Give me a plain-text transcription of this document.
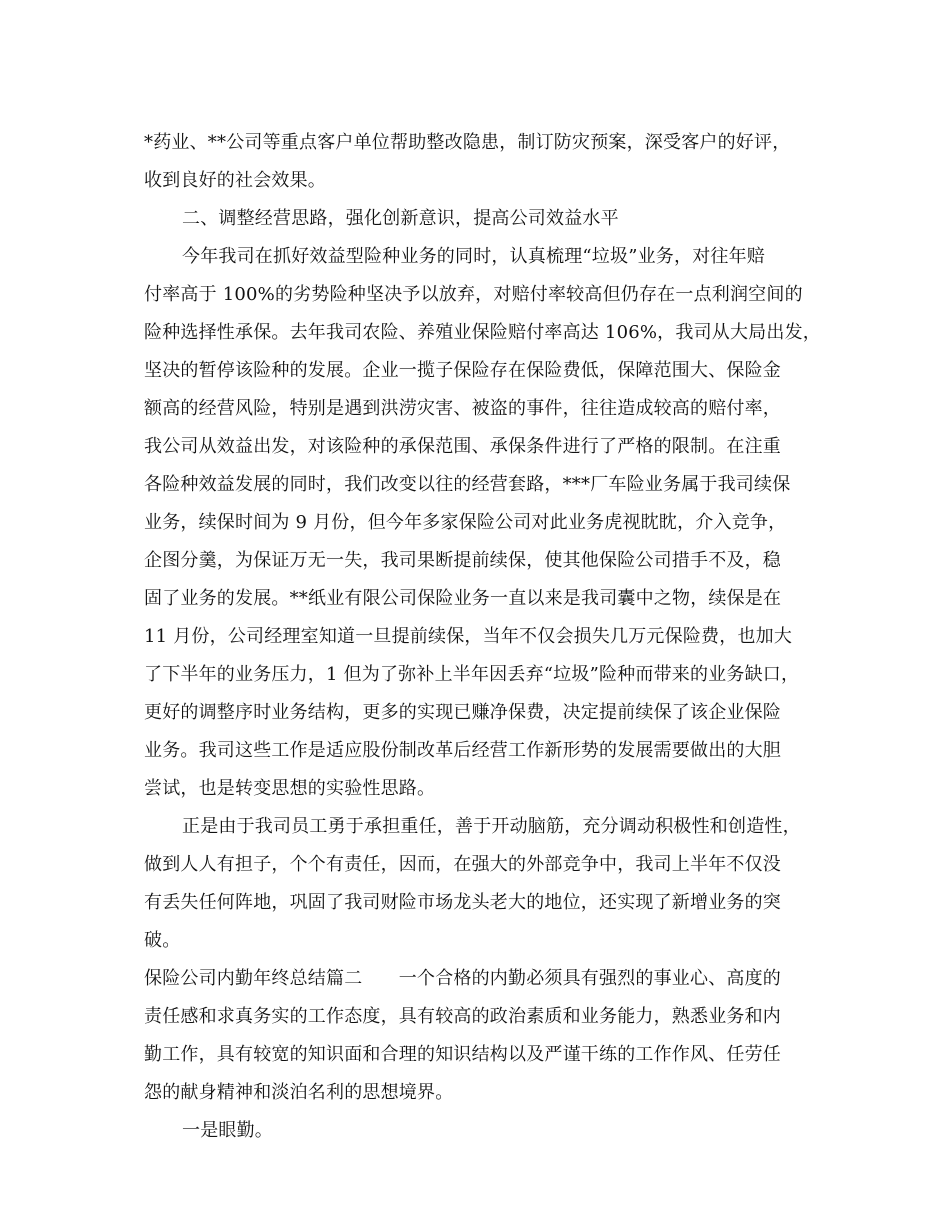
*药业、**公司等重点客户单位帮助整改隐患，制订防灾预案，深受客户的好评，

收到良好的社会效果。

二、调整经营思路，强化创新意识，提高公司效益水平

今年我司在抓好效益型险种业务的同时，认真梳理“垃圾”业务，对往年赔

付率高于 100%的劣势险种坚决予以放弃，对赔付率较高但仍存在一点利润空间的

险种选择性承保。去年我司农险、养殖业保险赔付率高达 106%，我司从大局出发，

坚决的暂停该险种的发展。企业一揽子保险存在保险费低，保障范围大、保险金

额高的经营风险，特别是遇到洪涝灾害、被盗的事件，往往造成较高的赔付率，

我公司从效益出发，对该险种的承保范围、承保条件进行了严格的限制。在注重

各险种效益发展的同时，我们改变以往的经营套路，***厂车险业务属于我司续保

业务，续保时间为 9 月份，但今年多家保险公司对此业务虎视眈眈，介入竞争，

企图分羹，为保证万无一失，我司果断提前续保，使其他保险公司措手不及，稳

固了业务的发展。**纸业有限公司保险业务一直以来是我司囊中之物，续保是在

11 月份，公司经理室知道一旦提前续保，当年不仅会损失几万元保险费，也加大

了下半年的业务压力，1 但为了弥补上半年因丢弃“垃圾”险种而带来的业务缺口，

更好的调整序时业务结构，更多的实现已赚净保费，决定提前续保了该企业保险

业务。我司这些工作是适应股份制改革后经营工作新形势的发展需要做出的大胆

尝试，也是转变思想的实验性思路。

正是由于我司员工勇于承担重任，善于开动脑筋，充分调动积极性和创造性，

做到人人有担子，个个有责任，因而，在强大的外部竞争中，我司上半年不仅没

有丢失任何阵地，巩固了我司财险市场龙头老大的地位，还实现了新增业务的突

破。

保险公司内勤年终总结篇二　　一个合格的内勤必须具有强烈的事业心、高度的

责任感和求真务实的工作态度，具有较高的政治素质和业务能力，熟悉业务和内

勤工作，具有较宽的知识面和合理的知识结构以及严谨干练的工作作风、任劳任

怨的献身精神和淡泊名利的思想境界。

一是眼勤。
